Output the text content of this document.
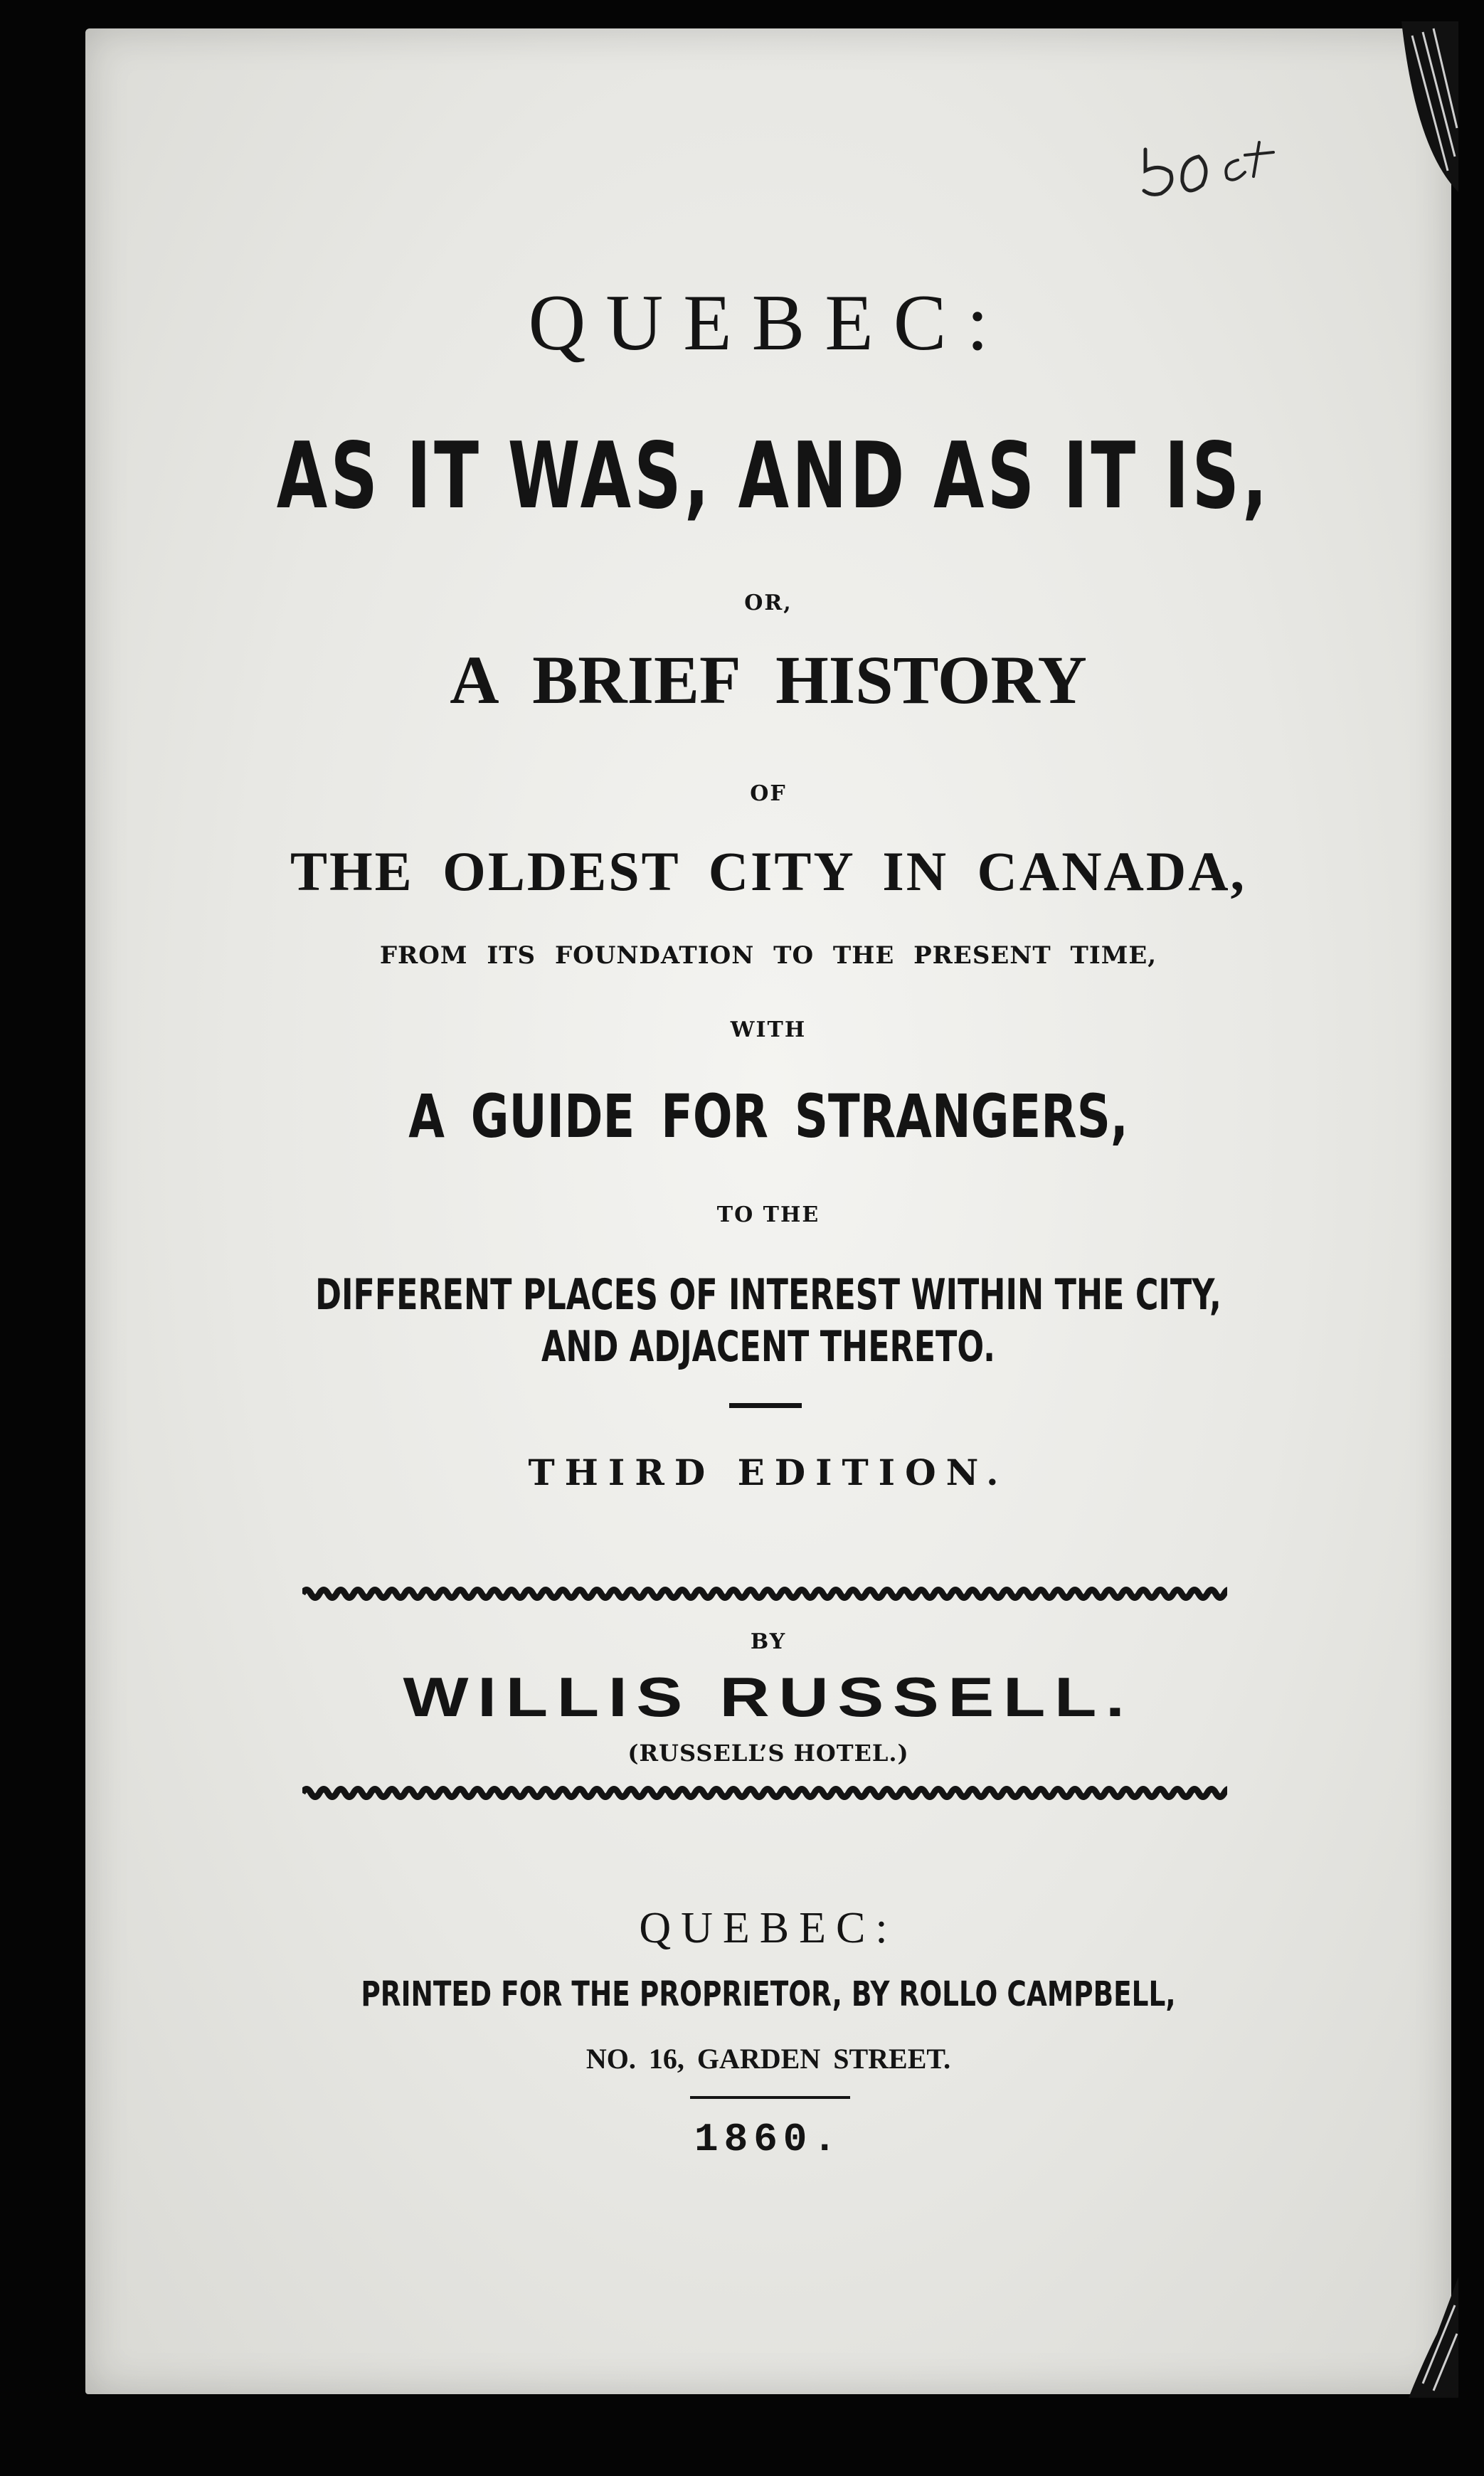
QUEBEC:
AS IT WAS, AND AS IT IS,
OR,
A BRIEF HISTORY
OF
THE OLDEST CITY IN CANADA,
FROM ITS FOUNDATION TO THE PRESENT TIME,
WITH
A GUIDE FOR STRANGERS,
TO THE
DIFFERENT PLACES OF INTEREST WITHIN THE CITY,
AND ADJACENT THERETO.
THIRD EDITION.
BY
WILLIS RUSSELL.
(RUSSELL’S HOTEL.)
QUEBEC:
PRINTED FOR THE PROPRIETOR, BY ROLLO CAMPBELL,
NO. 16, GARDEN STREET.
1860.
